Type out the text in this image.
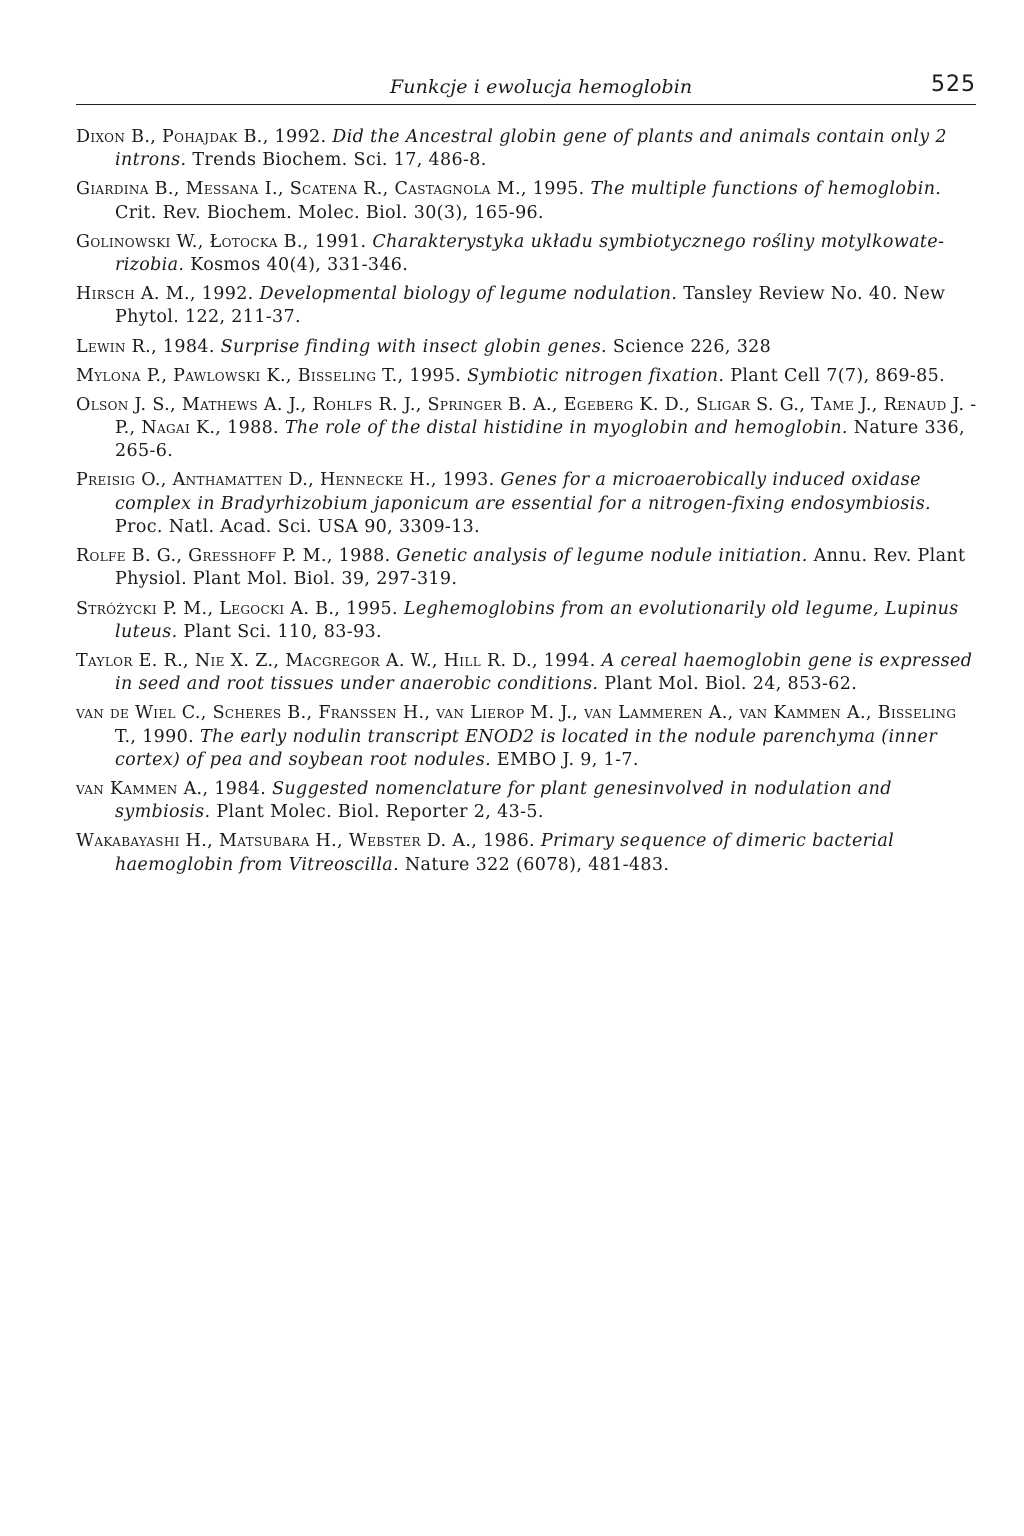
Funkcje i ewolucja hemoglobin	525
Dixon B., Pohajdak B., 1992. Did the Ancestral globin gene of plants and animals contain only 2 introns. Trends Biochem. Sci. 17, 486-8.
Giardina B., Messana I., Scatena R., Castagnola M., 1995. The multiple functions of hemoglobin. Crit. Rev. Biochem. Molec. Biol. 30(3), 165-96.
Golinowski W., Łotocka B., 1991. Charakterystyka układu symbiotycznego rośliny motylkowate-rizobia. Kosmos 40(4), 331-346.
Hirsch A. M., 1992. Developmental biology of legume nodulation. Tansley Review No. 40. New Phytol. 122, 211-37.
Lewin R., 1984. Surprise finding with insect globin genes. Science 226, 328
Mylona P., Pawlowski K., Bisseling T., 1995. Symbiotic nitrogen fixation. Plant Cell 7(7), 869-85.
Olson J. S., Mathews A. J., Rohlfs R. J., Springer B. A., Egeberg K. D., Sligar S. G., Tame J., Renaud J. -P., Nagai K., 1988. The role of the distal histidine in myoglobin and hemoglobin. Nature 336, 265-6.
Preisig O., Anthamatten D., Hennecke H., 1993. Genes for a microaerobically induced oxidase complex in Bradyrhizobium japonicum are essential for a nitrogen-fixing endosymbiosis. Proc. Natl. Acad. Sci. USA 90, 3309-13.
Rolfe B. G., Gresshoff P. M., 1988. Genetic analysis of legume nodule initiation. Annu. Rev. Plant Physiol. Plant Mol. Biol. 39, 297-319.
Stróżycki P. M., Legocki A. B., 1995. Leghemoglobins from an evolutionarily old legume, Lupinus luteus. Plant Sci. 110, 83-93.
Taylor E. R., Nie X. Z., Macgregor A. W., Hill R. D., 1994. A cereal haemoglobin gene is expressed in seed and root tissues under anaerobic conditions. Plant Mol. Biol. 24, 853-62.
van de Wiel C., Scheres B., Franssen H., van Lierop M. J., van Lammeren A., van Kammen A., Bisseling T., 1990. The early nodulin transcript ENOD2 is located in the nodule parenchyma (inner cortex) of pea and soybean root nodules. EMBO J. 9, 1-7.
van Kammen A., 1984. Suggested nomenclature for plant genesinvolved in nodulation and symbiosis. Plant Molec. Biol. Reporter 2, 43-5.
Wakabayashi H., Matsubara H., Webster D. A., 1986. Primary sequence of dimeric bacterial haemoglobin from Vitreoscilla. Nature 322 (6078), 481-483.
